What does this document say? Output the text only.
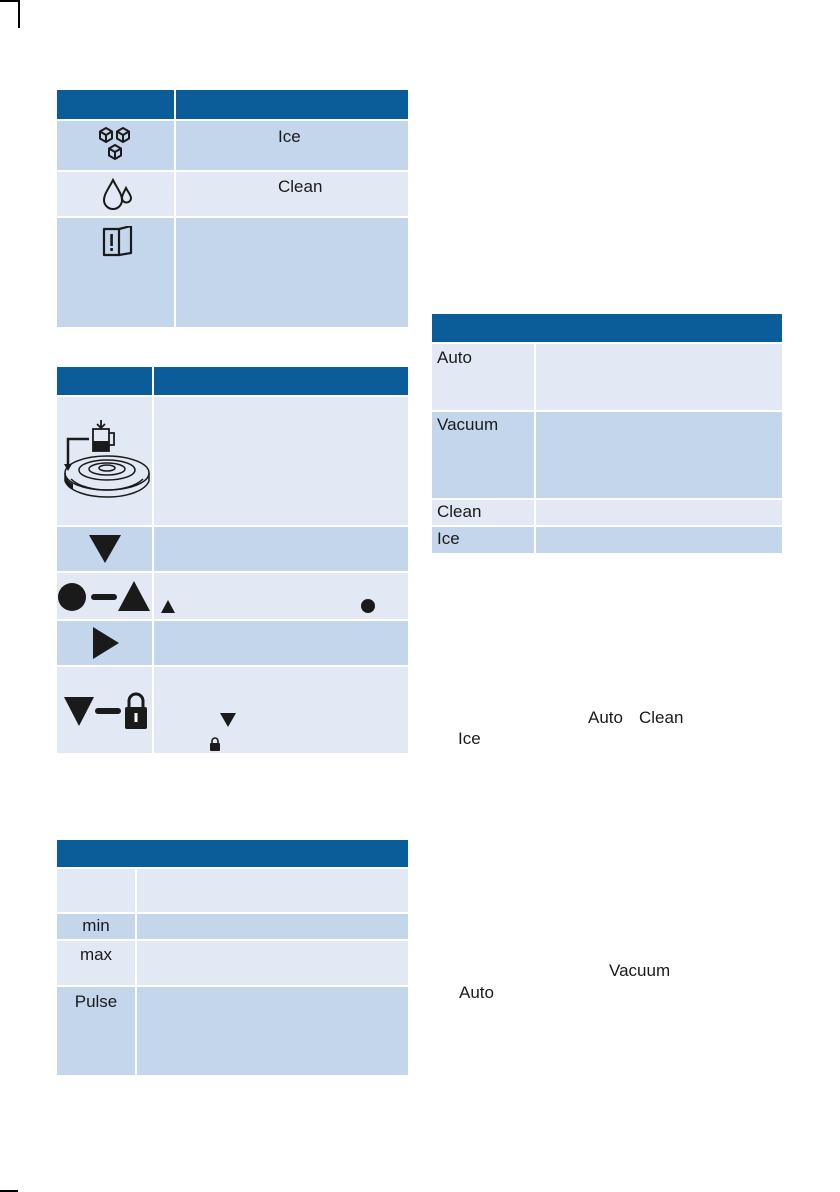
Ice
Clean
min
max
Pulse
Auto
Vacuum
Clean
Ice
Auto Clean
Ice
Vacuum
Auto
